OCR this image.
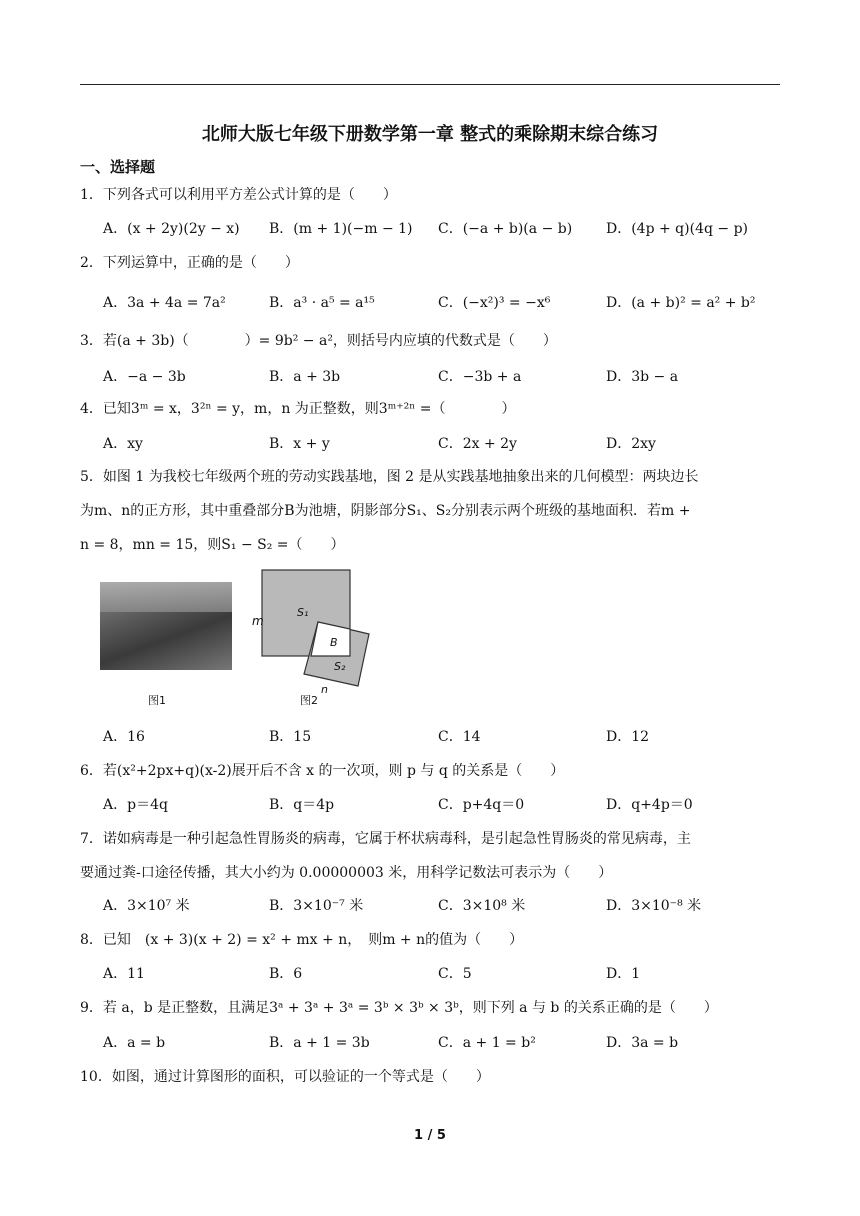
北师大版七年级下册数学第一章 整式的乘除期末综合练习
一、选择题
1．下列各式可以利用平方差公式计算的是（　　）
A．(x + 2y)(2y − x) B．(m + 1)(−m − 1) C．(−a + b)(a − b) D．(4p + q)(4q − p)
2．下列运算中，正确的是（　　）
A．3a + 4a = 7a²	B．a³ · a⁵ = a¹⁵	C．(−x²)³ = −x⁶	D．(a + b)² = a² + b²
3．若(a + 3b)（　　　　）= 9b² − a²，则括号内应填的代数式是（　　）
A．−a − 3b	B．a + 3b	C．−3b + a	D．3b − a
4．已知3ᵐ = x，3²ⁿ = y，m，n 为正整数，则3ᵐ⁺²ⁿ =（　　　　）
A．xy	B．x + y	C．2x + 2y	D．2xy
5．如图 1 为我校七年级两个班的劳动实践基地，图 2 是从实践基地抽象出来的几何模型：两块边长
为m、n的正方形，其中重叠部分B为池塘，阴影部分S₁、S₂分别表示两个班级的基地面积．若m +
n = 8，mn = 15，则S₁ − S₂ =（　　）
图1
m
S₁
B
S₂
n
图2
A．16	B．15	C．14	D．12
6．若(x²+2px+q)(x-2)展开后不含 x 的一次项，则 p 与 q 的关系是（　　）
A．p＝4q	B．q＝4p	C．p+4q＝0	D．q+4p＝0
7．诺如病毒是一种引起急性胃肠炎的病毒，它属于杯状病毒科，是引起急性胃肠炎的常见病毒，主
要通过粪-口途径传播，其大小约为 0.00000003 米，用科学记数法可表示为（　　）
A．3×10⁷ 米	B．3×10⁻⁷ 米	C．3×10⁸ 米	D．3×10⁻⁸ 米
8．已知　(x + 3)(x + 2) = x² + mx + n，　则m + n的值为（　　）
A．11	B．6	C．5	D．1
9．若 a，b 是正整数，且满足3ᵃ + 3ᵃ + 3ᵃ = 3ᵇ × 3ᵇ × 3ᵇ，则下列 a 与 b 的关系正确的是（　　）
A．a = b	B．a + 1 = 3b	C．a + 1 = b²	D．3a = b
10．如图，通过计算图形的面积，可以验证的一个等式是（　　）
1 / 5
